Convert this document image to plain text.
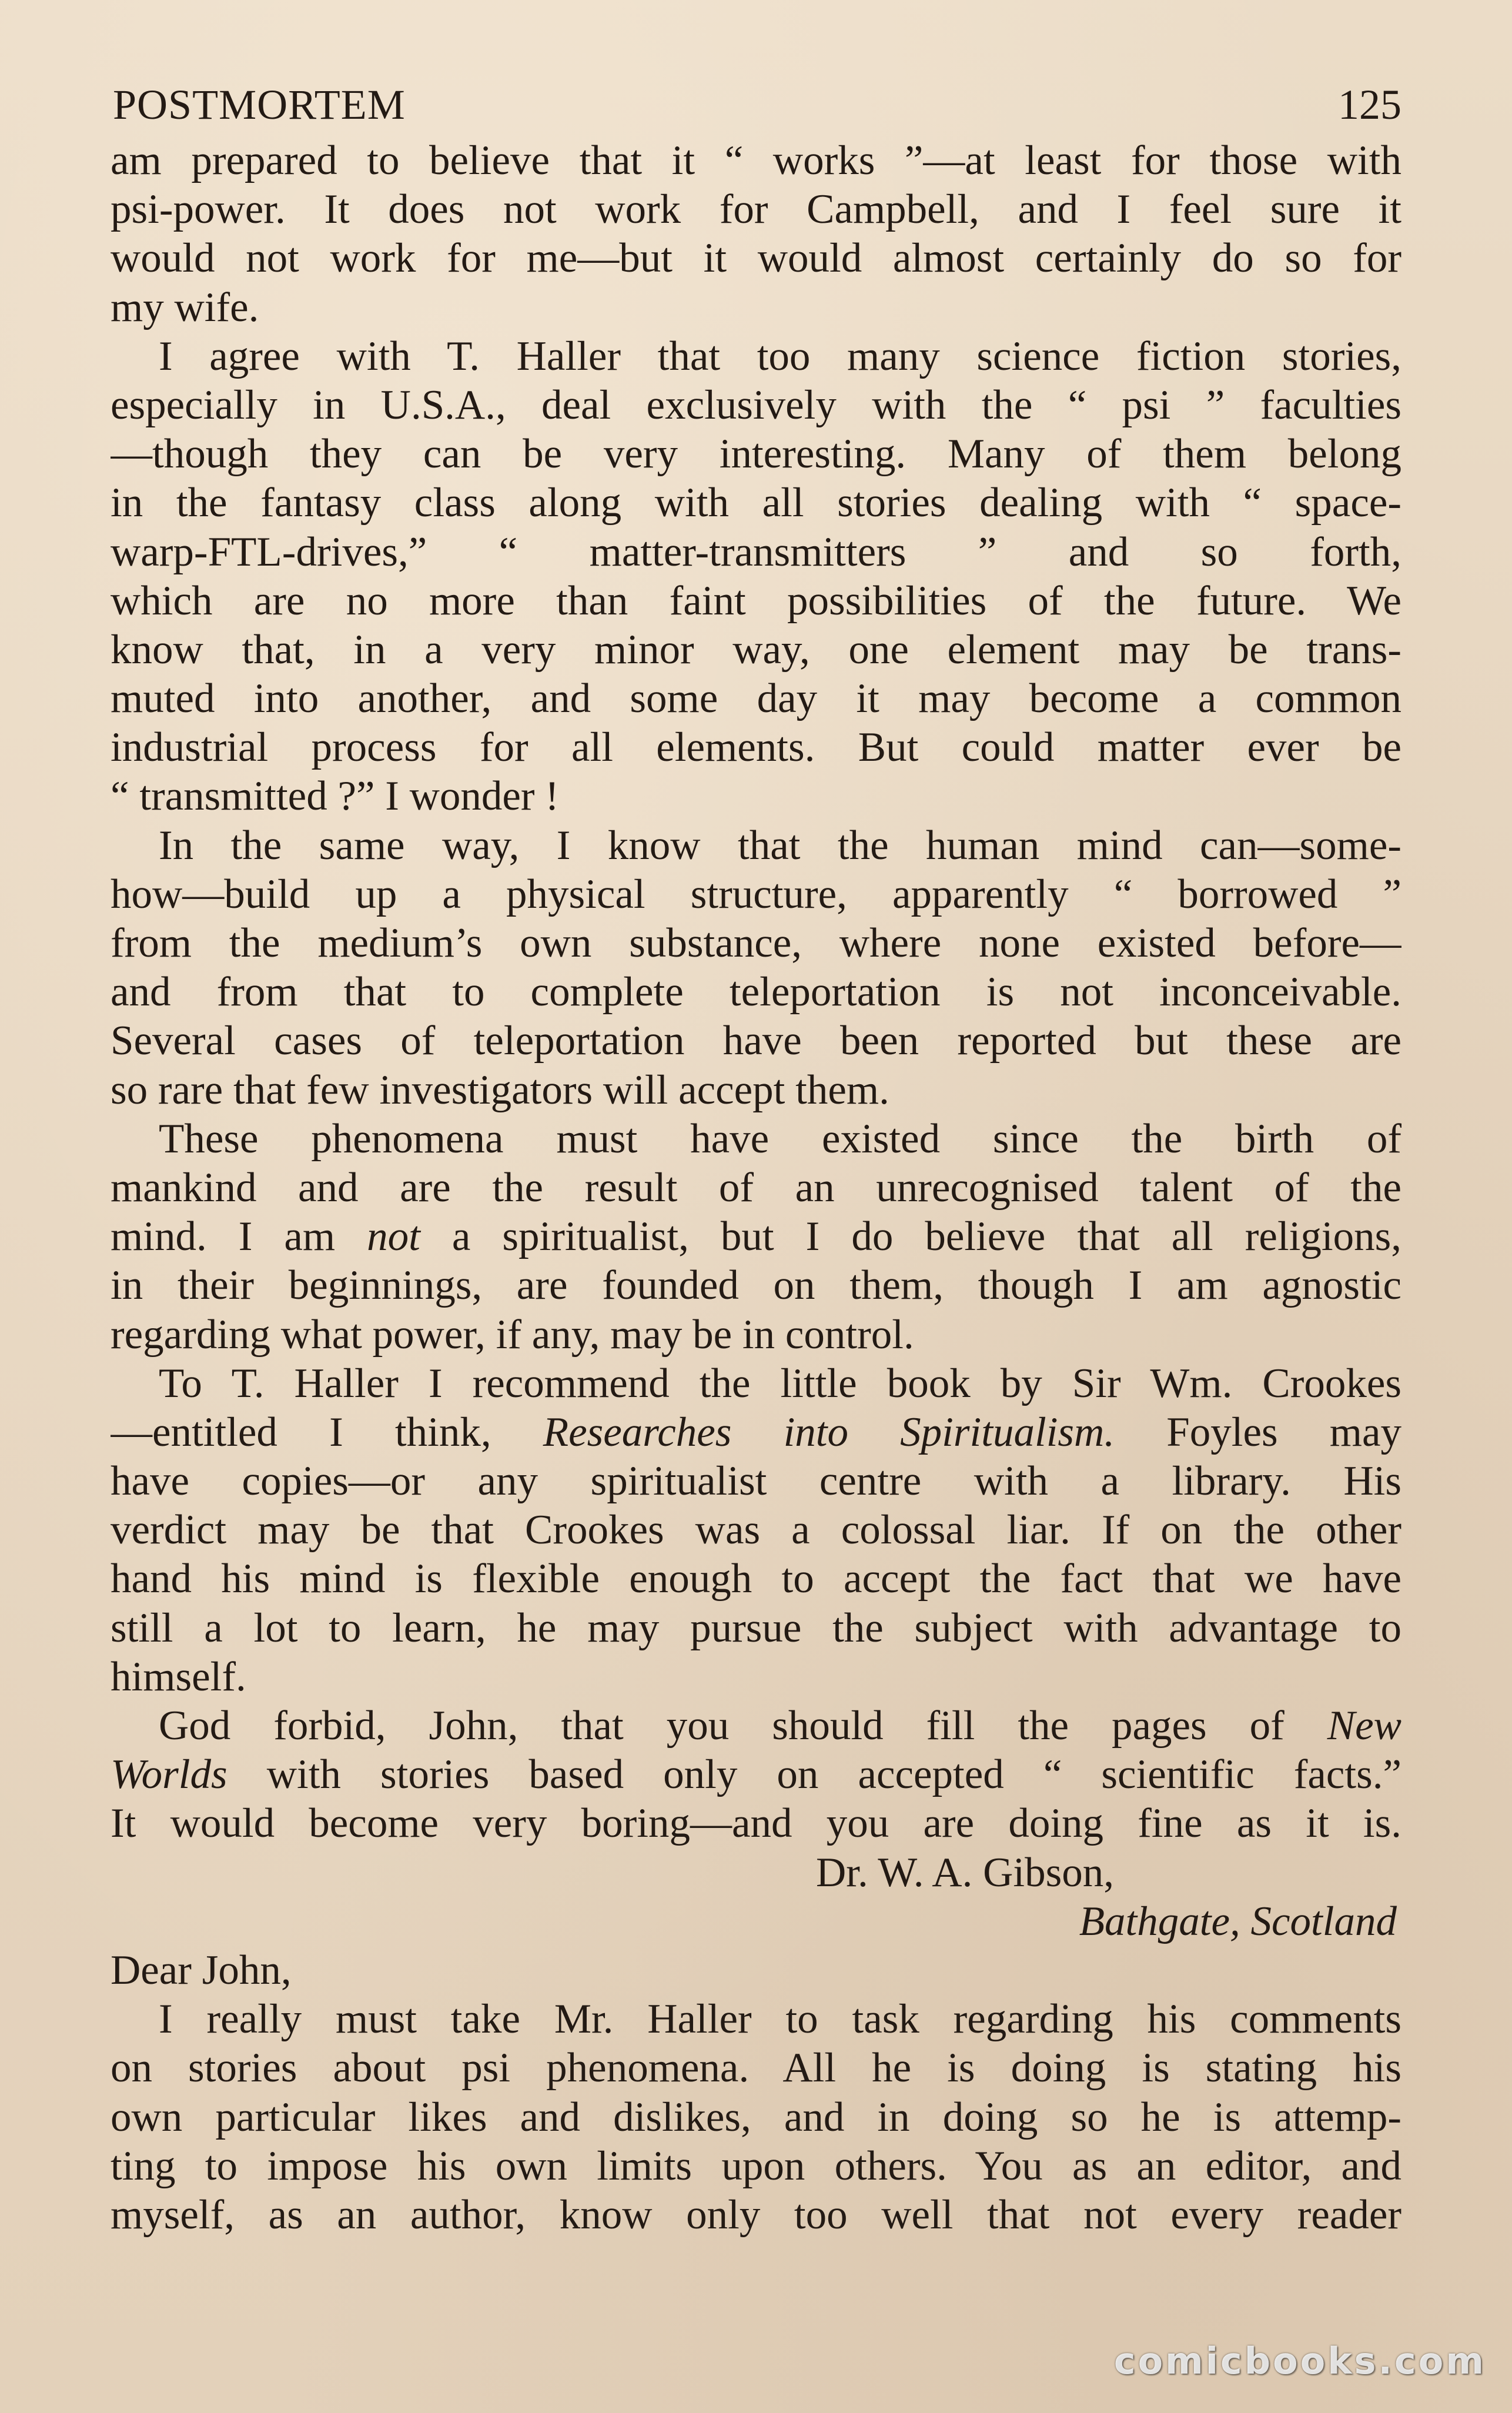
POSTMORTEM	125
am prepared to believe that it “ works ”—at least for those with
psi-power. It does not work for Campbell, and I feel sure it
would not work for me—but it would almost certainly do so for
my wife.
I agree with T. Haller that too many science fiction stories,
especially in U.S.A., deal exclusively with the “ psi ” faculties
—though they can be very interesting. Many of them belong
in the fantasy class along with all stories dealing with “ space-
warp-FTL-drives,” “ matter-transmitters ” and so forth,
which are no more than faint possibilities of the future. We
know that, in a very minor way, one element may be trans-
muted into another, and some day it may become a common
industrial process for all elements. But could matter ever be
“ transmitted ?” I wonder !
In the same way, I know that the human mind can—some-
how—build up a physical structure, apparently “ borrowed ”
from the medium’s own substance, where none existed before—
and from that to complete teleportation is not inconceivable.
Several cases of teleportation have been reported but these are
so rare that few investigators will accept them.
These phenomena must have existed since the birth of
mankind and are the result of an unrecognised talent of the
mind. I am not a spiritualist, but I do believe that all religions,
in their beginnings, are founded on them, though I am agnostic
regarding what power, if any, may be in control.
To T. Haller I recommend the little book by Sir Wm. Crookes
—entitled I think, Researches into Spiritualism. Foyles may
have copies—or any spiritualist centre with a library. His
verdict may be that Crookes was a colossal liar. If on the other
hand his mind is flexible enough to accept the fact that we have
still a lot to learn, he may pursue the subject with advantage to
himself.
God forbid, John, that you should fill the pages of New
Worlds with stories based only on accepted “ scientific facts.”
It would become very boring—and you are doing fine as it is.
Dr. W. A. Gibson,
Bathgate, Scotland
Dear John,
I really must take Mr. Haller to task regarding his comments
on stories about psi phenomena. All he is doing is stating his
own particular likes and dislikes, and in doing so he is attemp-
ting to impose his own limits upon others. You as an editor, and
myself, as an author, know only too well that not every reader
comicbooks.com
